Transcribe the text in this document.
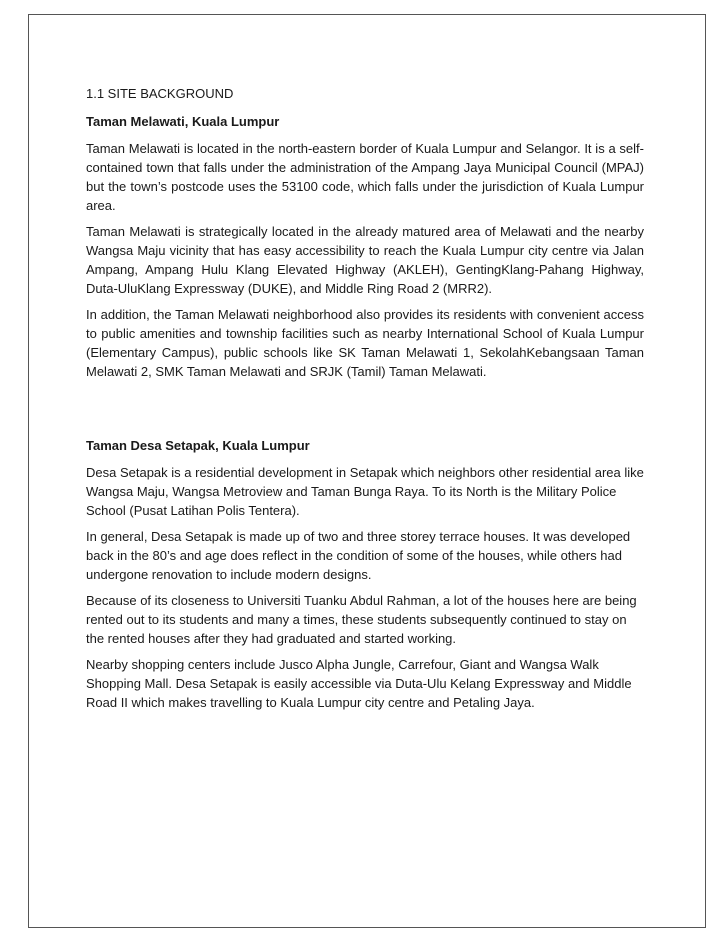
1.1 SITE BACKGROUND
Taman Melawati, Kuala Lumpur

Taman Melawati is located in the north-eastern border of Kuala Lumpur and Selangor. It is a self-contained town that falls under the administration of the Ampang Jaya Municipal Council (MPAJ) but the town’s postcode uses the 53100 code, which falls under the jurisdiction of Kuala Lumpur area.

Taman Melawati is strategically located in the already matured area of Melawati and the nearby Wangsa Maju vicinity that has easy accessibility to reach the Kuala Lumpur city centre via Jalan Ampang, Ampang Hulu Klang Elevated Highway (AKLEH), GentingKlang-Pahang Highway, Duta-UluKlang Expressway (DUKE), and Middle Ring Road 2 (MRR2).

In addition, the Taman Melawati neighborhood also provides its residents with convenient access to public amenities and township facilities such as nearby International School of Kuala Lumpur (Elementary Campus), public schools like SK Taman Melawati 1, SekolahKebangsaan Taman Melawati 2, SMK Taman Melawati and SRJK (Tamil) Taman Melawati.

Taman Desa Setapak, Kuala Lumpur

Desa Setapak is a residential development in Setapak which neighbors other residential area like Wangsa Maju, Wangsa Metroview and Taman Bunga Raya. To its North is the Military Police School (Pusat Latihan Polis Tentera).

In general, Desa Setapak is made up of two and three storey terrace houses. It was developed back in the 80’s and age does reflect in the condition of some of the houses, while others had undergone renovation to include modern designs.

Because of its closeness to Universiti Tuanku Abdul Rahman, a lot of the houses here are being rented out to its students and many a times, these students subsequently continued to stay on the rented houses after they had graduated and started working.

Nearby shopping centers include Jusco Alpha Jungle, Carrefour, Giant and Wangsa Walk Shopping Mall. Desa Setapak is easily accessible via Duta-Ulu Kelang Expressway and Middle Road II which makes travelling to Kuala Lumpur city centre and Petaling Jaya.
